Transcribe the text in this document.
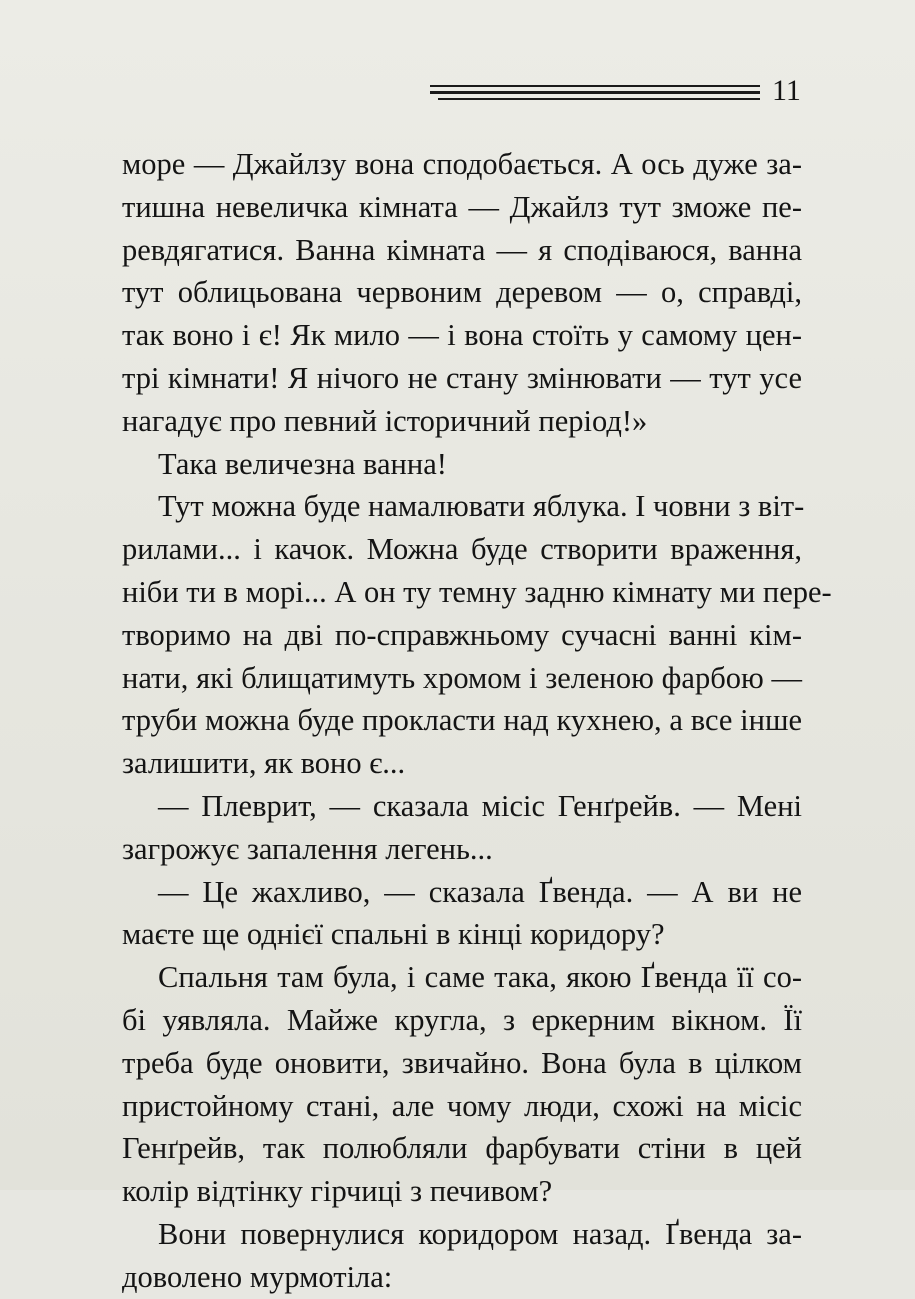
11
море — Джайлзу вона сподобається. А ось дуже за-
тишна невеличка кімната — Джайлз тут зможе пе-
ревдягатися. Ванна кімната — я сподіваюся, ванна
тут облицьована червоним деревом — о, справді,
так воно і є! Як мило — і вона стоїть у самому цен-
трі кімнати! Я нічого не стану змінювати — тут усе
нагадує про певний історичний період!»
Така величезна ванна!
Тут можна буде намалювати яблука. І човни з віт-
рилами... і качок. Можна буде створити враження,
ніби ти в морі... А он ту темну задню кімнату ми пере-
творимо на дві по-справжньому сучасні ванні кім-
нати, які блищатимуть хромом і зеленою фарбою —
труби можна буде прокласти над кухнею, а все інше
залишити, як воно є...
— Плеврит, — сказала місіс Генґрейв. — Мені
загрожує запалення легень...
— Це жахливо, — сказала Ґвенда. — А ви не
маєте ще однієї спальні в кінці коридору?
Спальня там була, і саме така, якою Ґвенда її со-
бі уявляла. Майже кругла, з еркерним вікном. Її
треба буде оновити, звичайно. Вона була в цілком
пристойному стані, але чому люди, схожі на місіс
Генґрейв, так полюбляли фарбувати стіни в цей
колір відтінку гірчиці з печивом?
Вони повернулися коридором назад. Ґвенда за-
доволено мурмотіла:
